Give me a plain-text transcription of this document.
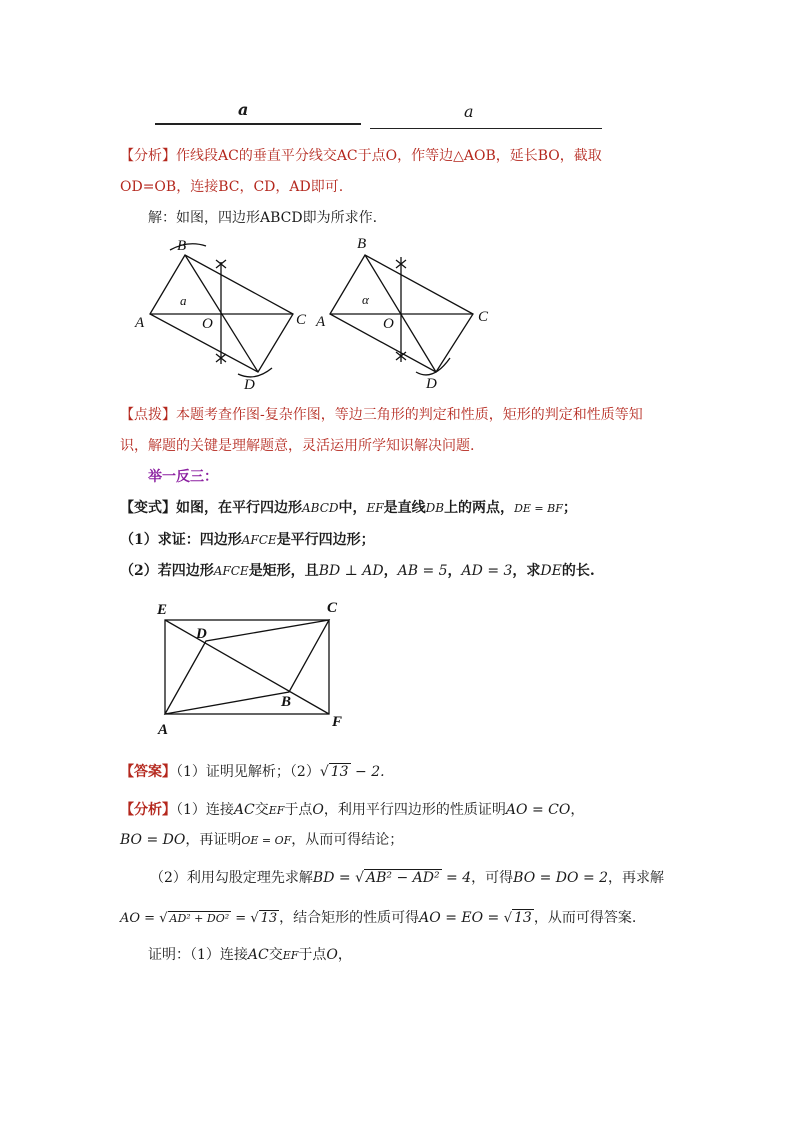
a	a
【分析】作线段AC的垂直平分线交AC于点O，作等边△AOB，延长BO，截取
OD=OB，连接BC，CD，AD即可.
解：如图，四边形ABCD即为所求作.
B
A	O	C
D
a
B
A	O	C
D
α
【点拨】本题考查作图-复杂作图，等边三角形的判定和性质，矩形的判定和性质等知
识，解题的关键是理解题意，灵活运用所学知识解决问题.
举一反三：
【变式】如图，在平行四边形ABCD中，EF是直线DB上的两点，DE = BF；
（1）求证：四边形AFCE是平行四边形；
（2）若四边形AFCE是矩形，且BD ⊥ AD，AB = 5，AD = 3，求DE的长.
E	C
D
B
A	F
【答案】（1）证明见解析；（2）√ 13 − 2.
【分析】（1）连接AC交EF于点O，利用平行四边形的性质证明AO = CO，
BO = DO，再证明OE = OF，从而可得结论；
（2）利用勾股定理先求解BD = √ AB² − AD² = 4，可得BO = DO = 2，再求解
AO = √ AD² + DO² = √ 13 ，结合矩形的性质可得AO = EO = √ 13 ，从而可得答案.
证明：（1）连接AC交EF于点O，
